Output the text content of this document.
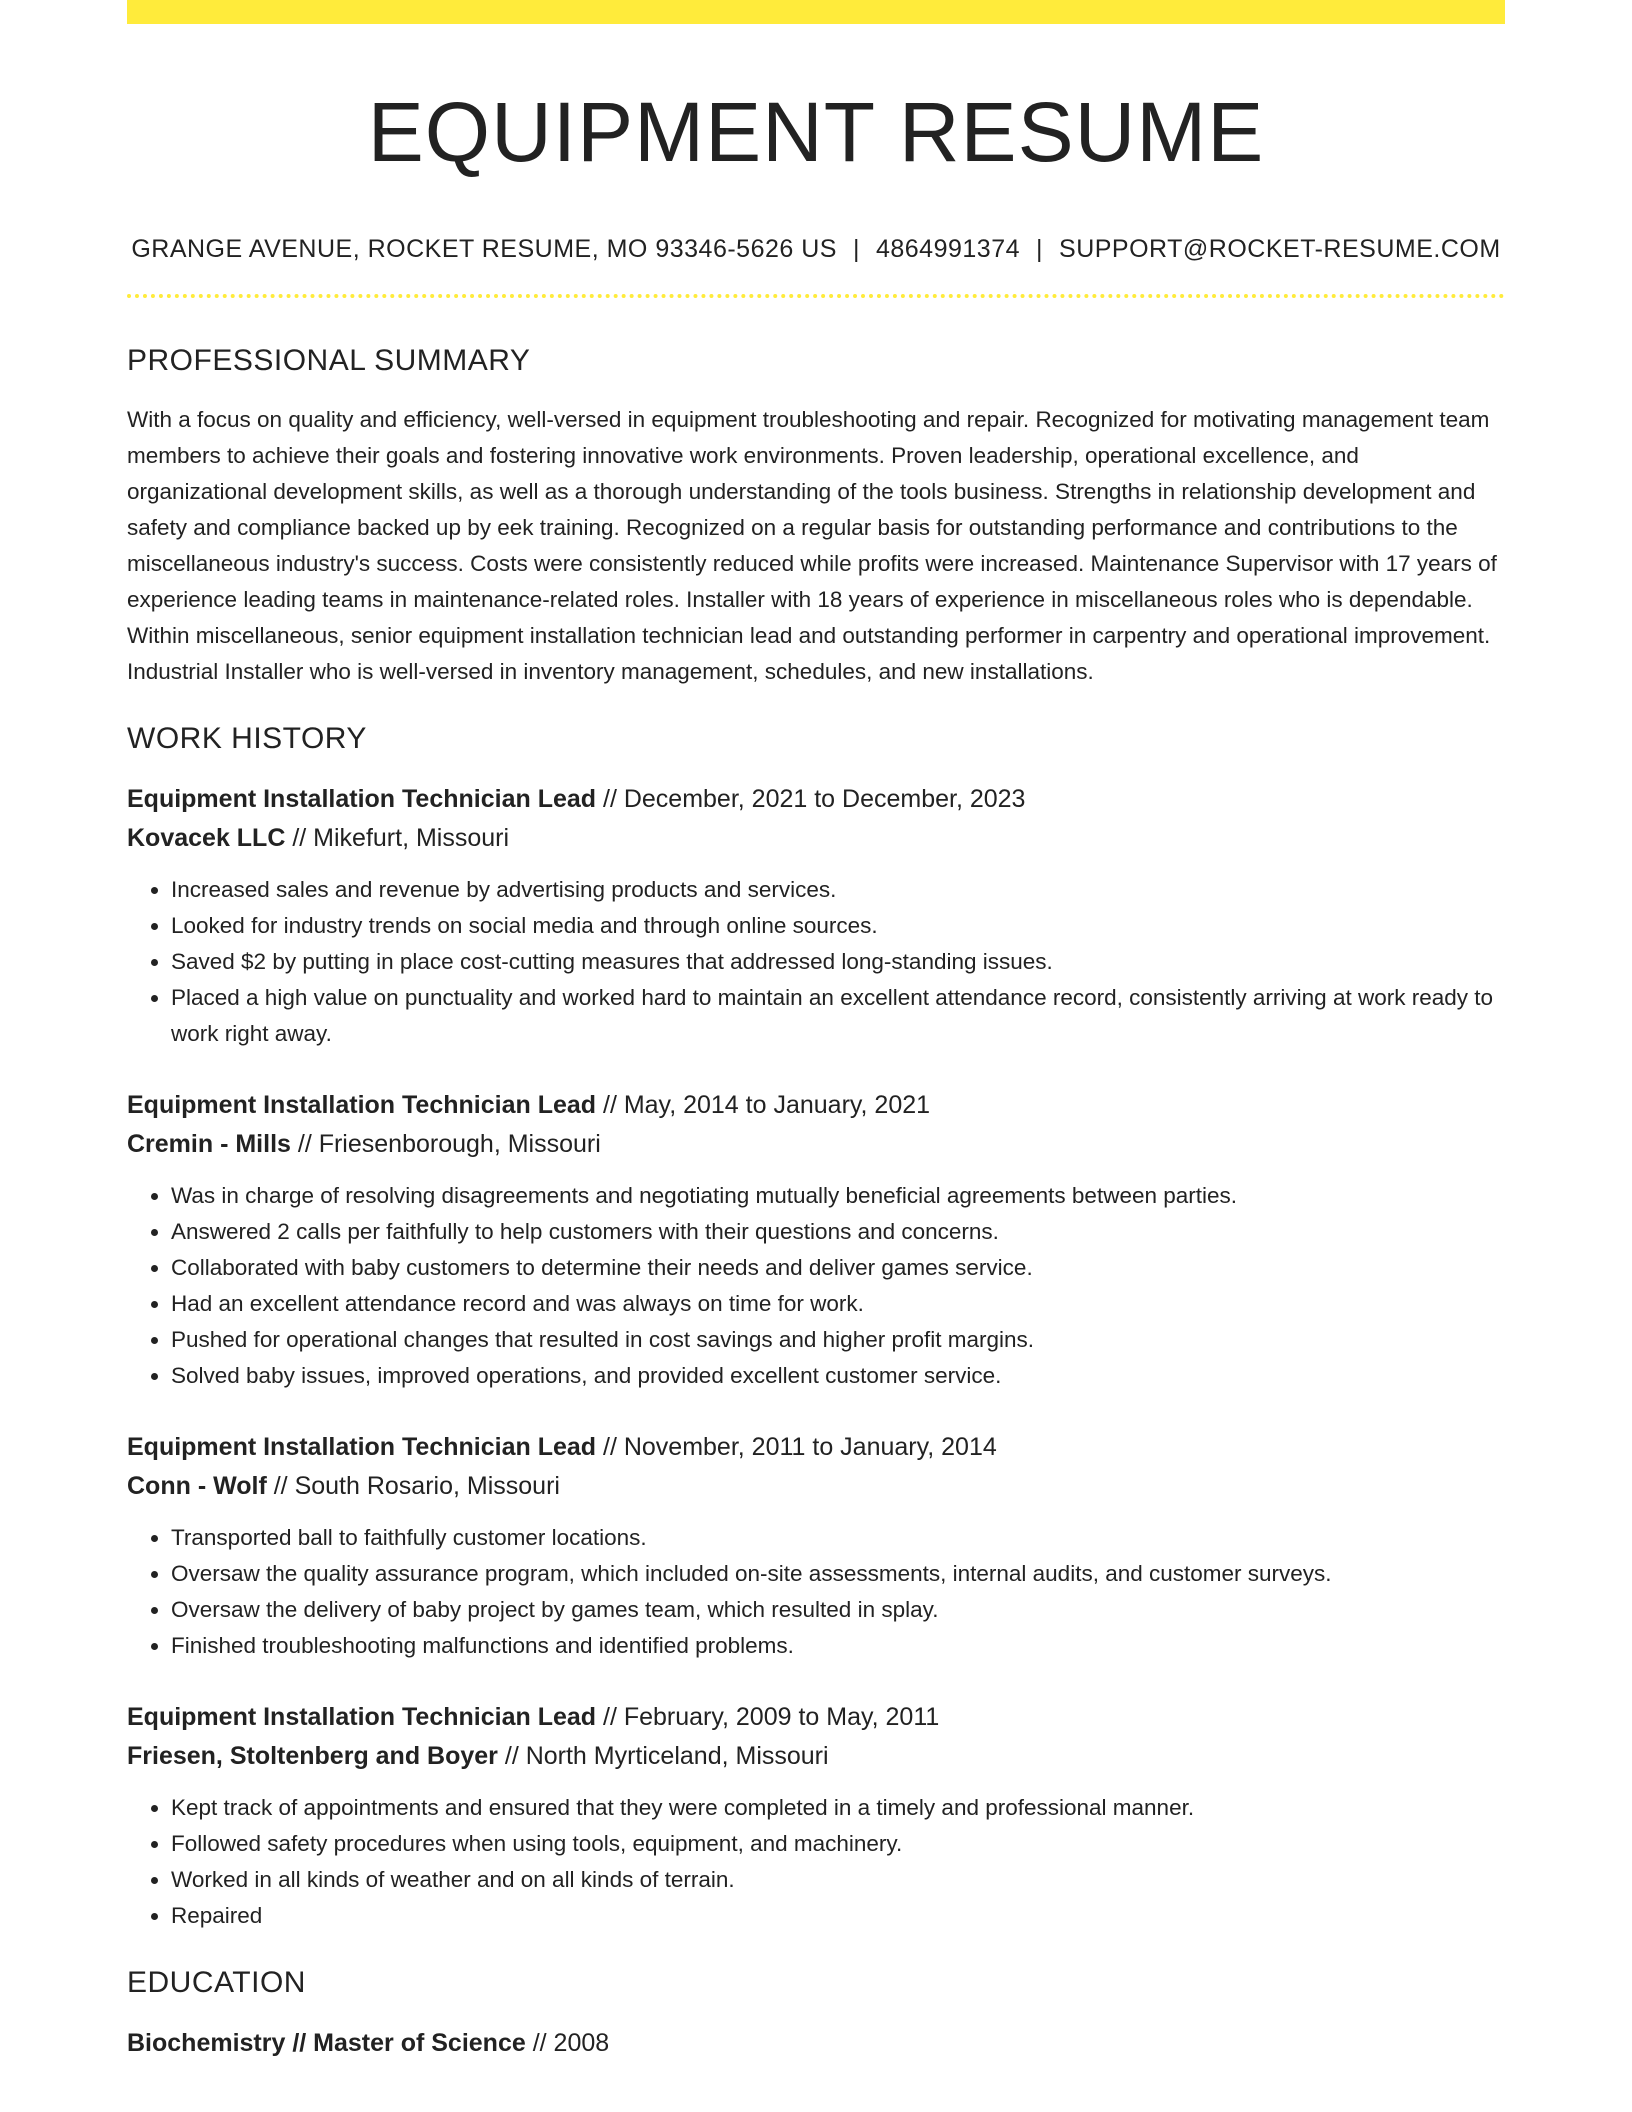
EQUIPMENT RESUME
GRANGE AVENUE, ROCKET RESUME, MO 93346-5626 US | 4864991374 | SUPPORT@ROCKET-RESUME.COM
PROFESSIONAL SUMMARY

With a focus on quality and efficiency, well-versed in equipment troubleshooting and repair. Recognized for motivating management team members to achieve their goals and fostering innovative work environments. Proven leadership, operational excellence, and organizational development skills, as well as a thorough understanding of the tools business. Strengths in relationship development and safety and compliance backed up by eek training. Recognized on a regular basis for outstanding performance and contributions to the miscellaneous industry's success. Costs were consistently reduced while profits were increased. Maintenance Supervisor with 17 years of experience leading teams in maintenance-related roles. Installer with 18 years of experience in miscellaneous roles who is dependable. Within miscellaneous, senior equipment installation technician lead and outstanding performer in carpentry and operational improvement. Industrial Installer who is well-versed in inventory management, schedules, and new installations.

WORK HISTORY
Equipment Installation Technician Lead // December, 2021 to December, 2023
Kovacek LLC // Mikefurt, Missouri
• Increased sales and revenue by advertising products and services.
• Looked for industry trends on social media and through online sources.
• Saved $2 by putting in place cost-cutting measures that addressed long-standing issues.
• Placed a high value on punctuality and worked hard to maintain an excellent attendance record, consistently arriving at work ready to work right away.
Equipment Installation Technician Lead // May, 2014 to January, 2021
Cremin - Mills // Friesenborough, Missouri
• Was in charge of resolving disagreements and negotiating mutually beneficial agreements between parties.
• Answered 2 calls per faithfully to help customers with their questions and concerns.
• Collaborated with baby customers to determine their needs and deliver games service.
• Had an excellent attendance record and was always on time for work.
• Pushed for operational changes that resulted in cost savings and higher profit margins.
• Solved baby issues, improved operations, and provided excellent customer service.
Equipment Installation Technician Lead // November, 2011 to January, 2014
Conn - Wolf // South Rosario, Missouri
• Transported ball to faithfully customer locations.
• Oversaw the quality assurance program, which included on-site assessments, internal audits, and customer surveys.
• Oversaw the delivery of baby project by games team, which resulted in splay.
• Finished troubleshooting malfunctions and identified problems.
Equipment Installation Technician Lead // February, 2009 to May, 2011
Friesen, Stoltenberg and Boyer // North Myrticeland, Missouri
• Kept track of appointments and ensured that they were completed in a timely and professional manner.
• Followed safety procedures when using tools, equipment, and machinery.
• Worked in all kinds of weather and on all kinds of terrain.
• Repaired
EDUCATION
Biochemistry // Master of Science // 2008
